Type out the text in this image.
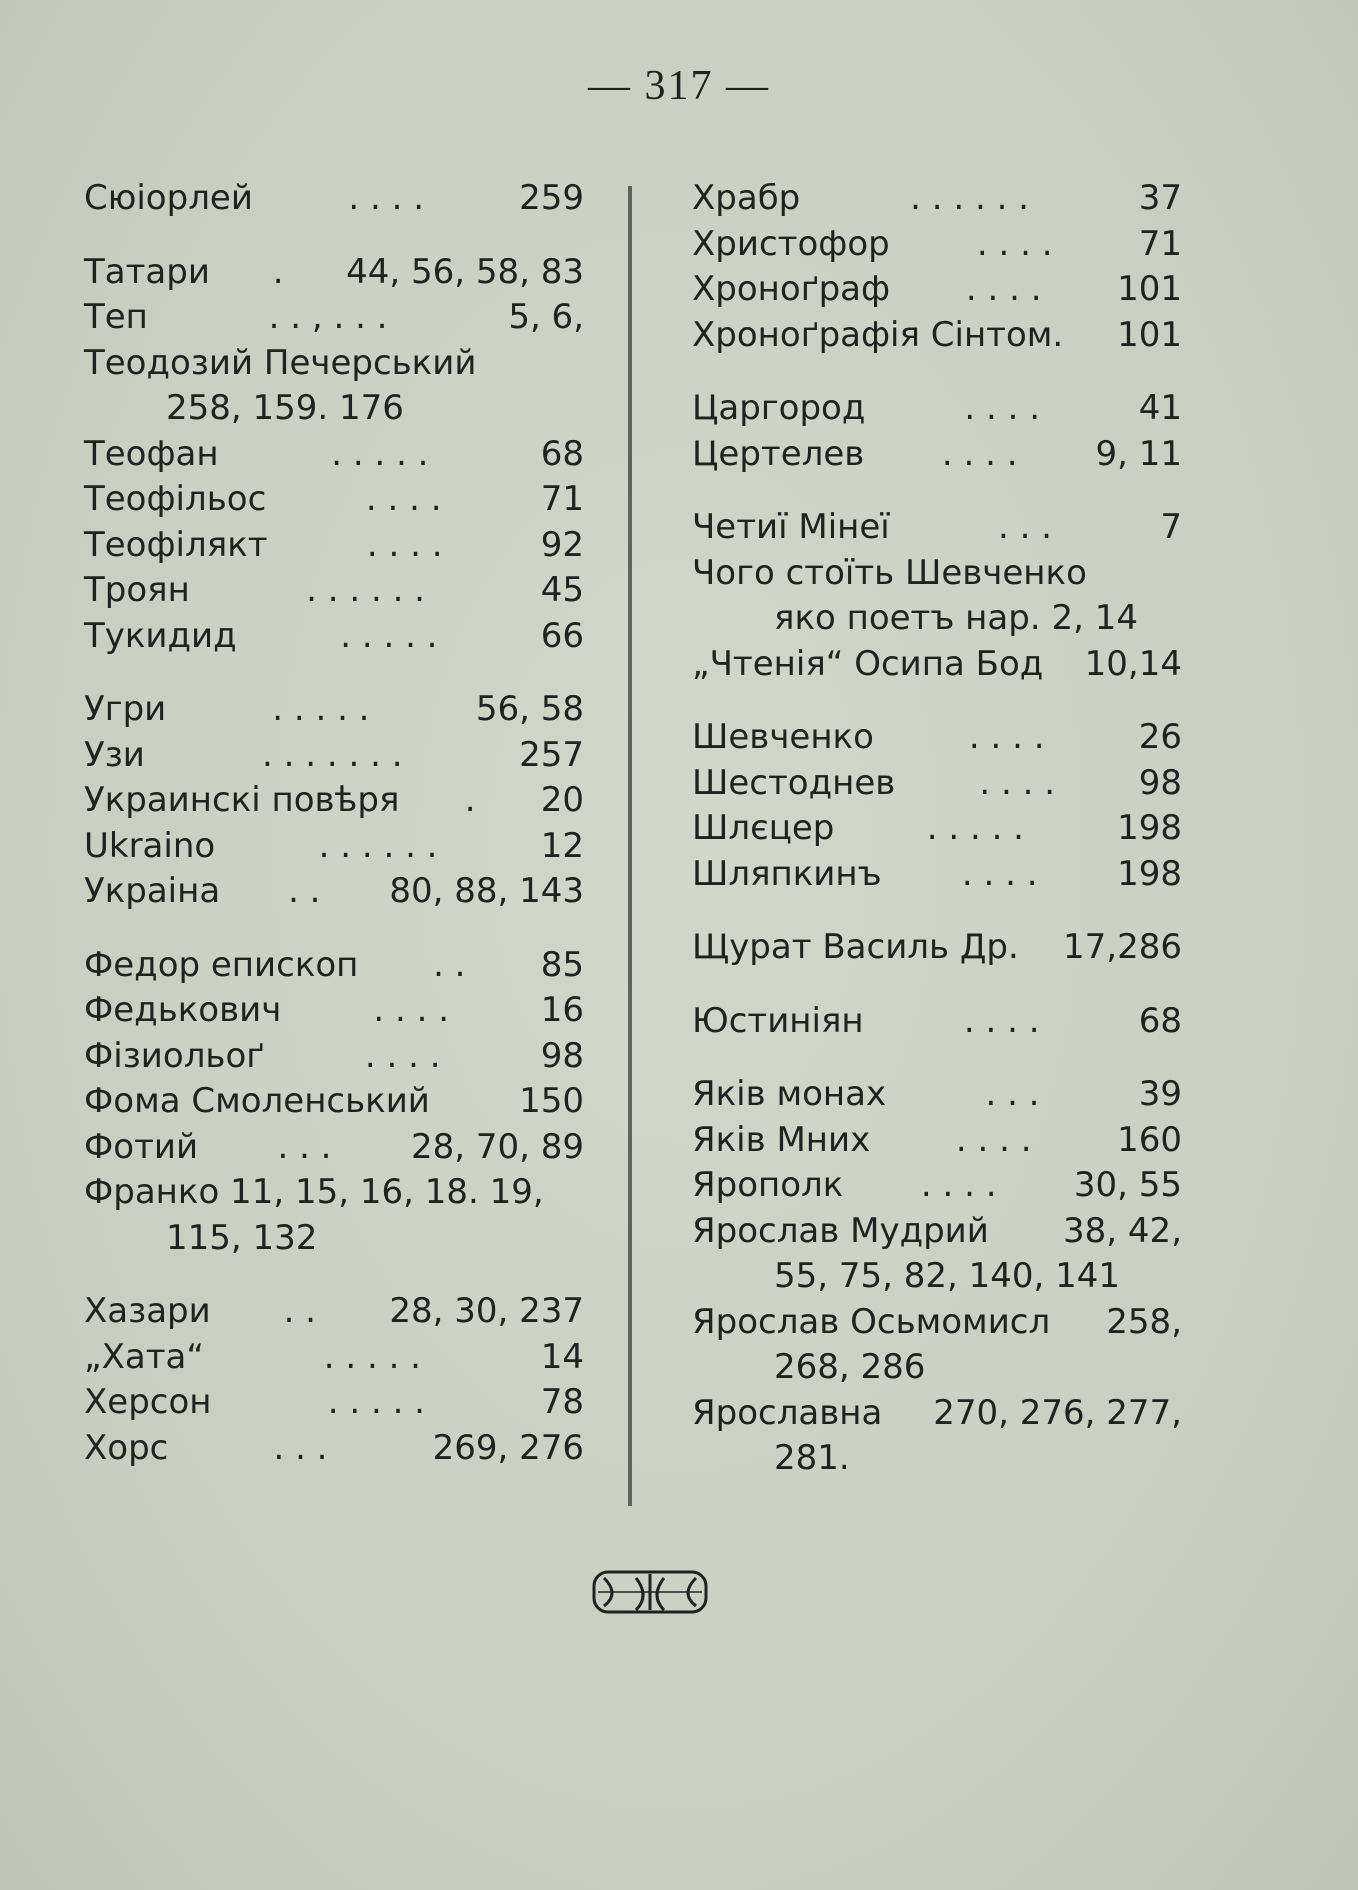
— 317 —
Сюіорлей	. . . .	259
Татари . 44, 56, 58, 83
Теп	. . , . . .	5, 6,
Теодозий Печерський
258, 159. 176
Теофан	. . . . .	68
Теофільос	. . . .	71
Теофілякт	. . . .	92
Троян	. . . . . .	45
Тукидид	. . . . .	66
Угри	. . . . .	56, 58
Узи	. . . . . . .	257
Украинскі повѣря . 20
Ukraino	. . . . . .	12
Украіна . . 80, 88, 143
Федор епископ . . 85
Федькович	. . . .	16
Фізиольоґ	. . . .	98
Фома Смоленський	150
Фотий . . . 28, 70, 89
Франко 11, 15, 16, 18. 19,
115, 132
Хазари . . 28, 30, 237
„Хата“	. . . . .	14
Херсон	. . . . .	78
Хорс	. . .	269, 276
Храбр	. . . . . .	37
Христофор	. . . .	71
Хроноґраф . . . . 101
Хроноґрафія Сінтом. 101
Царгород	. . . .	41
Цертелев . . . . 9, 11
Четиї Мінеї	. . .	7
Чого стоїть Шевченко
яко поетъ нар. 2, 14
„Чтенія“ Осипа Бод 10,14
Шевченко	. . . .	26
Шестоднев . . . . 98
Шлєцер	. . . . .	198
Шляпкинъ . . . . 198
Щурат Василь Др. 17,286
Юстиніян	. . . .	68
Яків монах	. . .	39
Яків Мних	. . . .	160
Ярополк . . . . 30, 55
Ярослав Мудрий 38, 42,
55, 75, 82, 140, 141
Ярослав Осьмомисл 258,
268, 286
Ярославна 270, 276, 277,
281.
